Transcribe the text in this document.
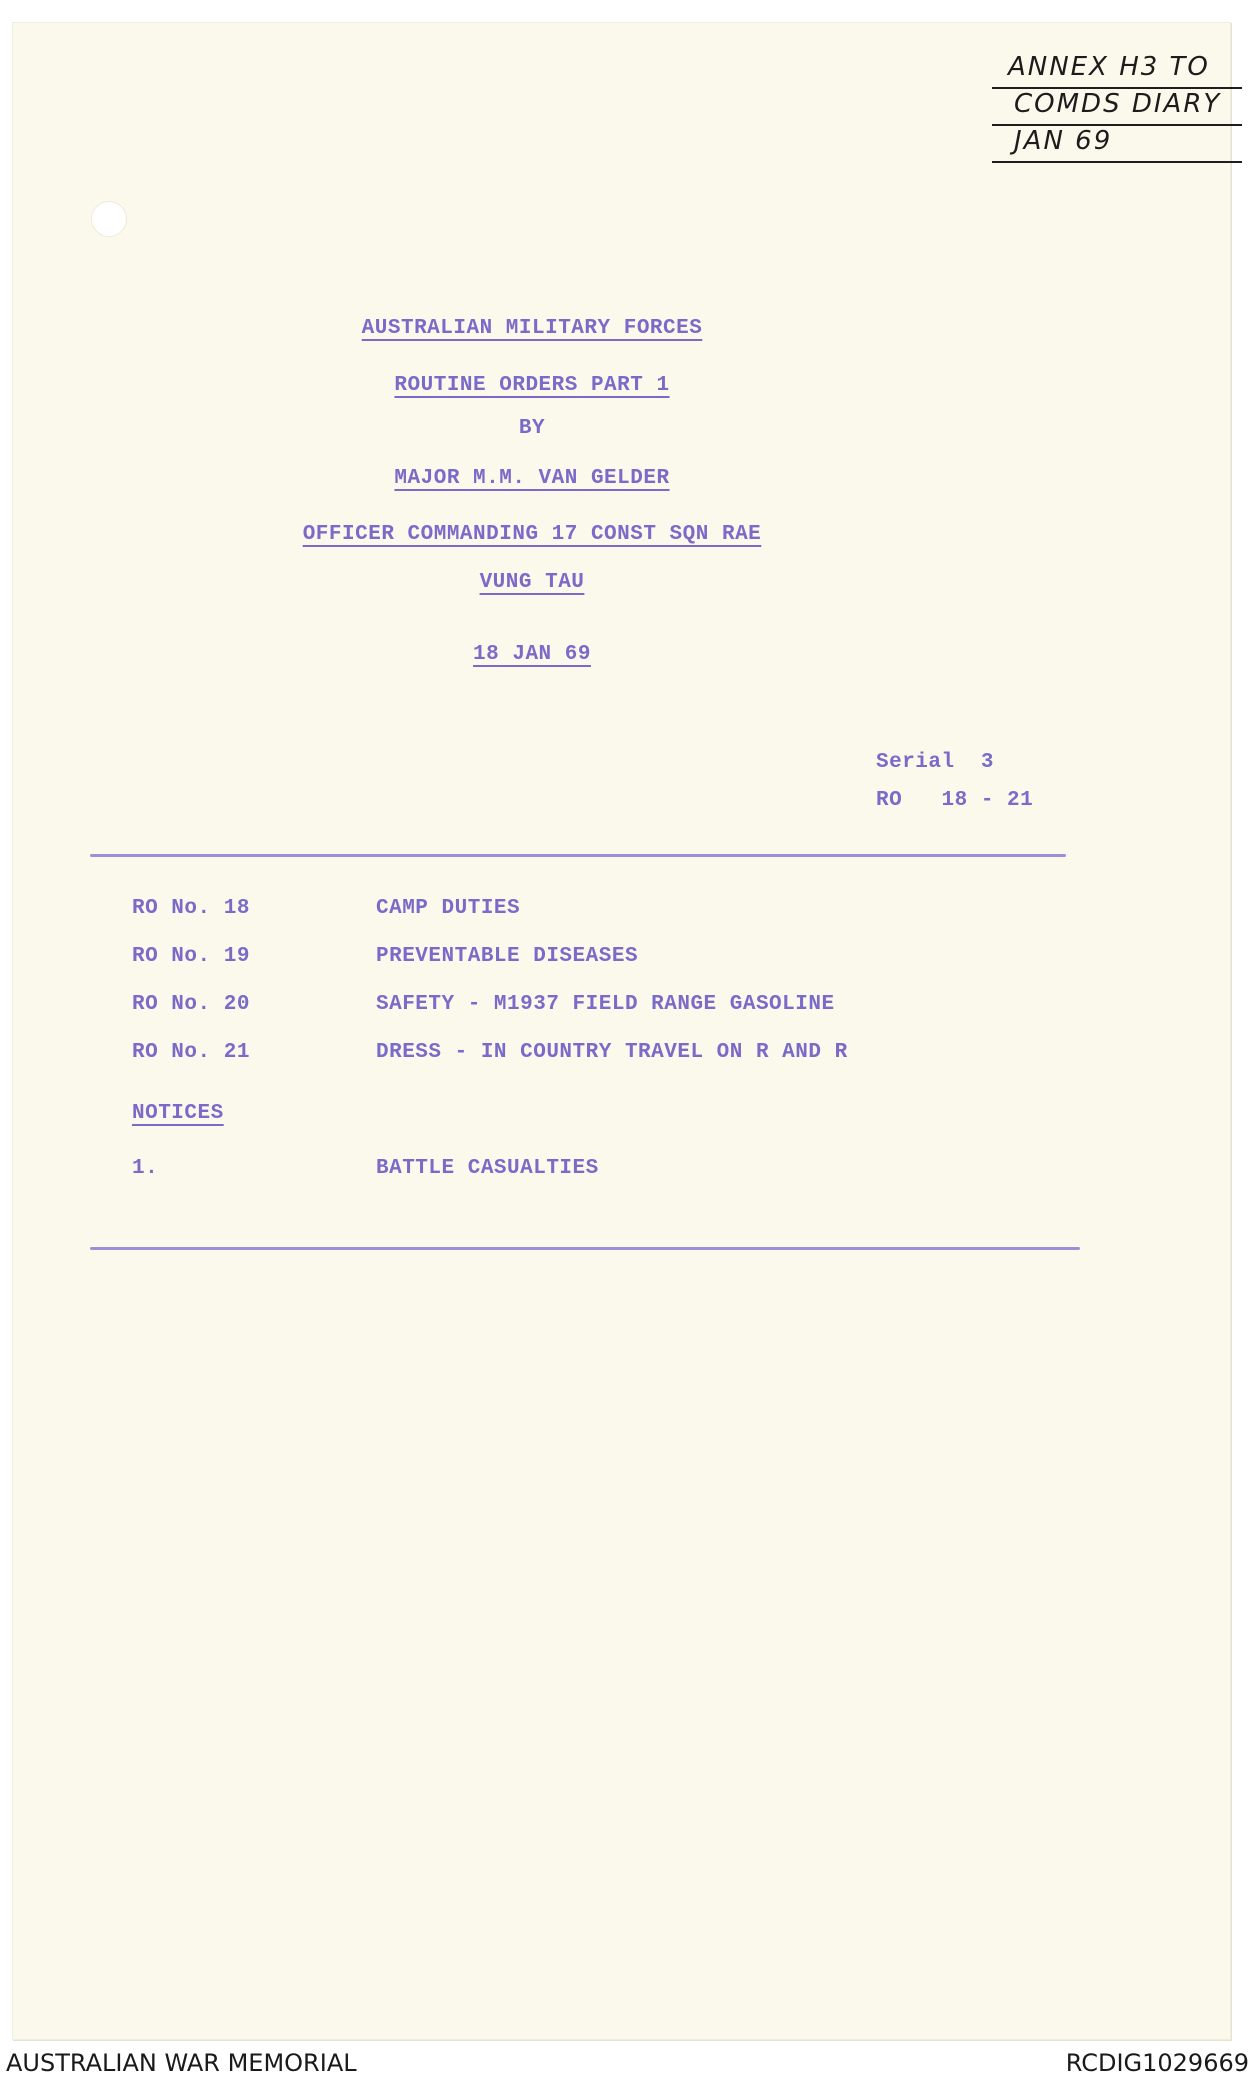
ANNEX H3 TO
COMDS DIARY
JAN 69
AUSTRALIAN MILITARY FORCES
ROUTINE ORDERS PART 1
BY
MAJOR M.M. VAN GELDER
OFFICER COMMANDING 17 CONST SQN RAE
VUNG TAU
18 JAN 69
Serial  3
RO   18 - 21
RO No. 18	CAMP DUTIES
RO No. 19	PREVENTABLE DISEASES
RO No. 20	SAFETY - M1937 FIELD RANGE GASOLINE
RO No. 21	DRESS - IN COUNTRY TRAVEL ON R AND R
NOTICES
1.	BATTLE CASUALTIES
AUSTRALIAN WAR MEMORIAL	RCDIG1029669
